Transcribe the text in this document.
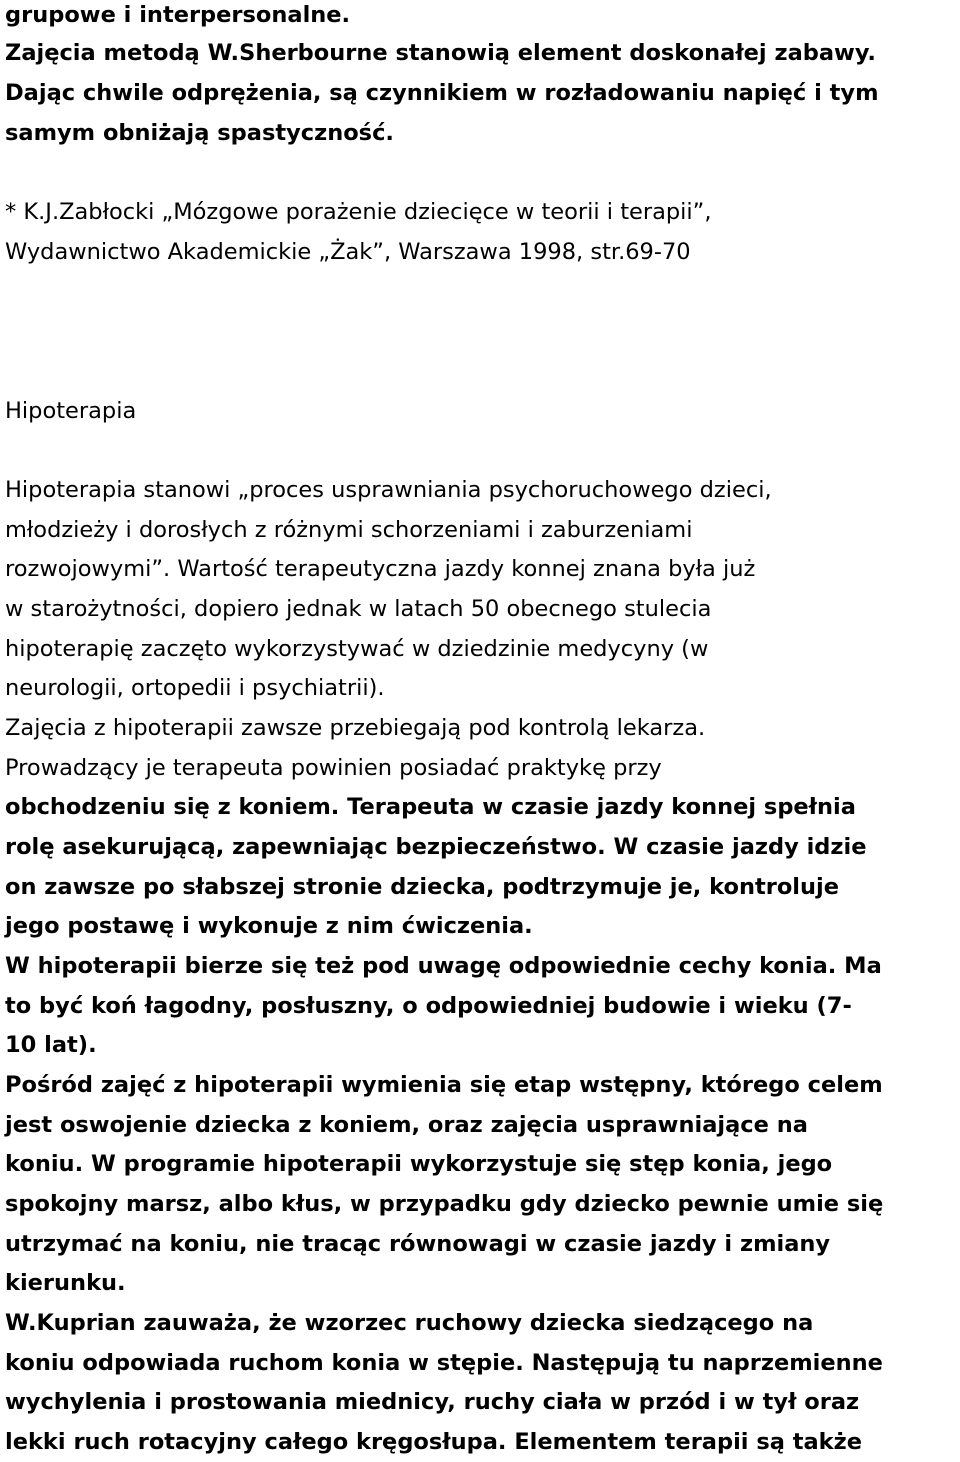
grupowe i interpersonalne.
Zajęcia metodą W.Sherbourne stanowią element doskonałej zabawy.
Dając chwile odprężenia, są czynnikiem w rozładowaniu napięć i tym
samym obniżają spastyczność.
* K.J.Zabłocki „Mózgowe porażenie dziecięce w teorii i terapii”,
Wydawnictwo Akademickie „Żak”, Warszawa 1998, str.69-70
Hipoterapia
Hipoterapia stanowi „proces usprawniania psychoruchowego dzieci,
młodzieży i dorosłych z różnymi schorzeniami i zaburzeniami
rozwojowymi”. Wartość terapeutyczna jazdy konnej znana była już
w starożytności, dopiero jednak w latach 50 obecnego stulecia
hipoterapię zaczęto wykorzystywać w dziedzinie medycyny (w
neurologii, ortopedii i psychiatrii).
Zajęcia z hipoterapii zawsze przebiegają pod kontrolą lekarza.
Prowadzący je terapeuta powinien posiadać praktykę przy
obchodzeniu się z koniem. Terapeuta w czasie jazdy konnej spełnia
rolę asekurującą, zapewniając bezpieczeństwo. W czasie jazdy idzie
on zawsze po słabszej stronie dziecka, podtrzymuje je, kontroluje
jego postawę i wykonuje z nim ćwiczenia.
W hipoterapii bierze się też pod uwagę odpowiednie cechy konia. Ma
to być koń łagodny, posłuszny, o odpowiedniej budowie i wieku (7-
10 lat).
Pośród zajęć z hipoterapii wymienia się etap wstępny, którego celem
jest oswojenie dziecka z koniem, oraz zajęcia usprawniające na
koniu. W programie hipoterapii wykorzystuje się stęp konia, jego
spokojny marsz, albo kłus, w przypadku gdy dziecko pewnie umie się
utrzymać na koniu, nie tracąc równowagi w czasie jazdy i zmiany
kierunku.
W.Kuprian zauważa, że wzorzec ruchowy dziecka siedzącego na
koniu odpowiada ruchom konia w stępie. Następują tu naprzemienne
wychylenia i prostowania miednicy, ruchy ciała w przód i w tył oraz
lekki ruch rotacyjny całego kręgosłupa. Elementem terapii są także
